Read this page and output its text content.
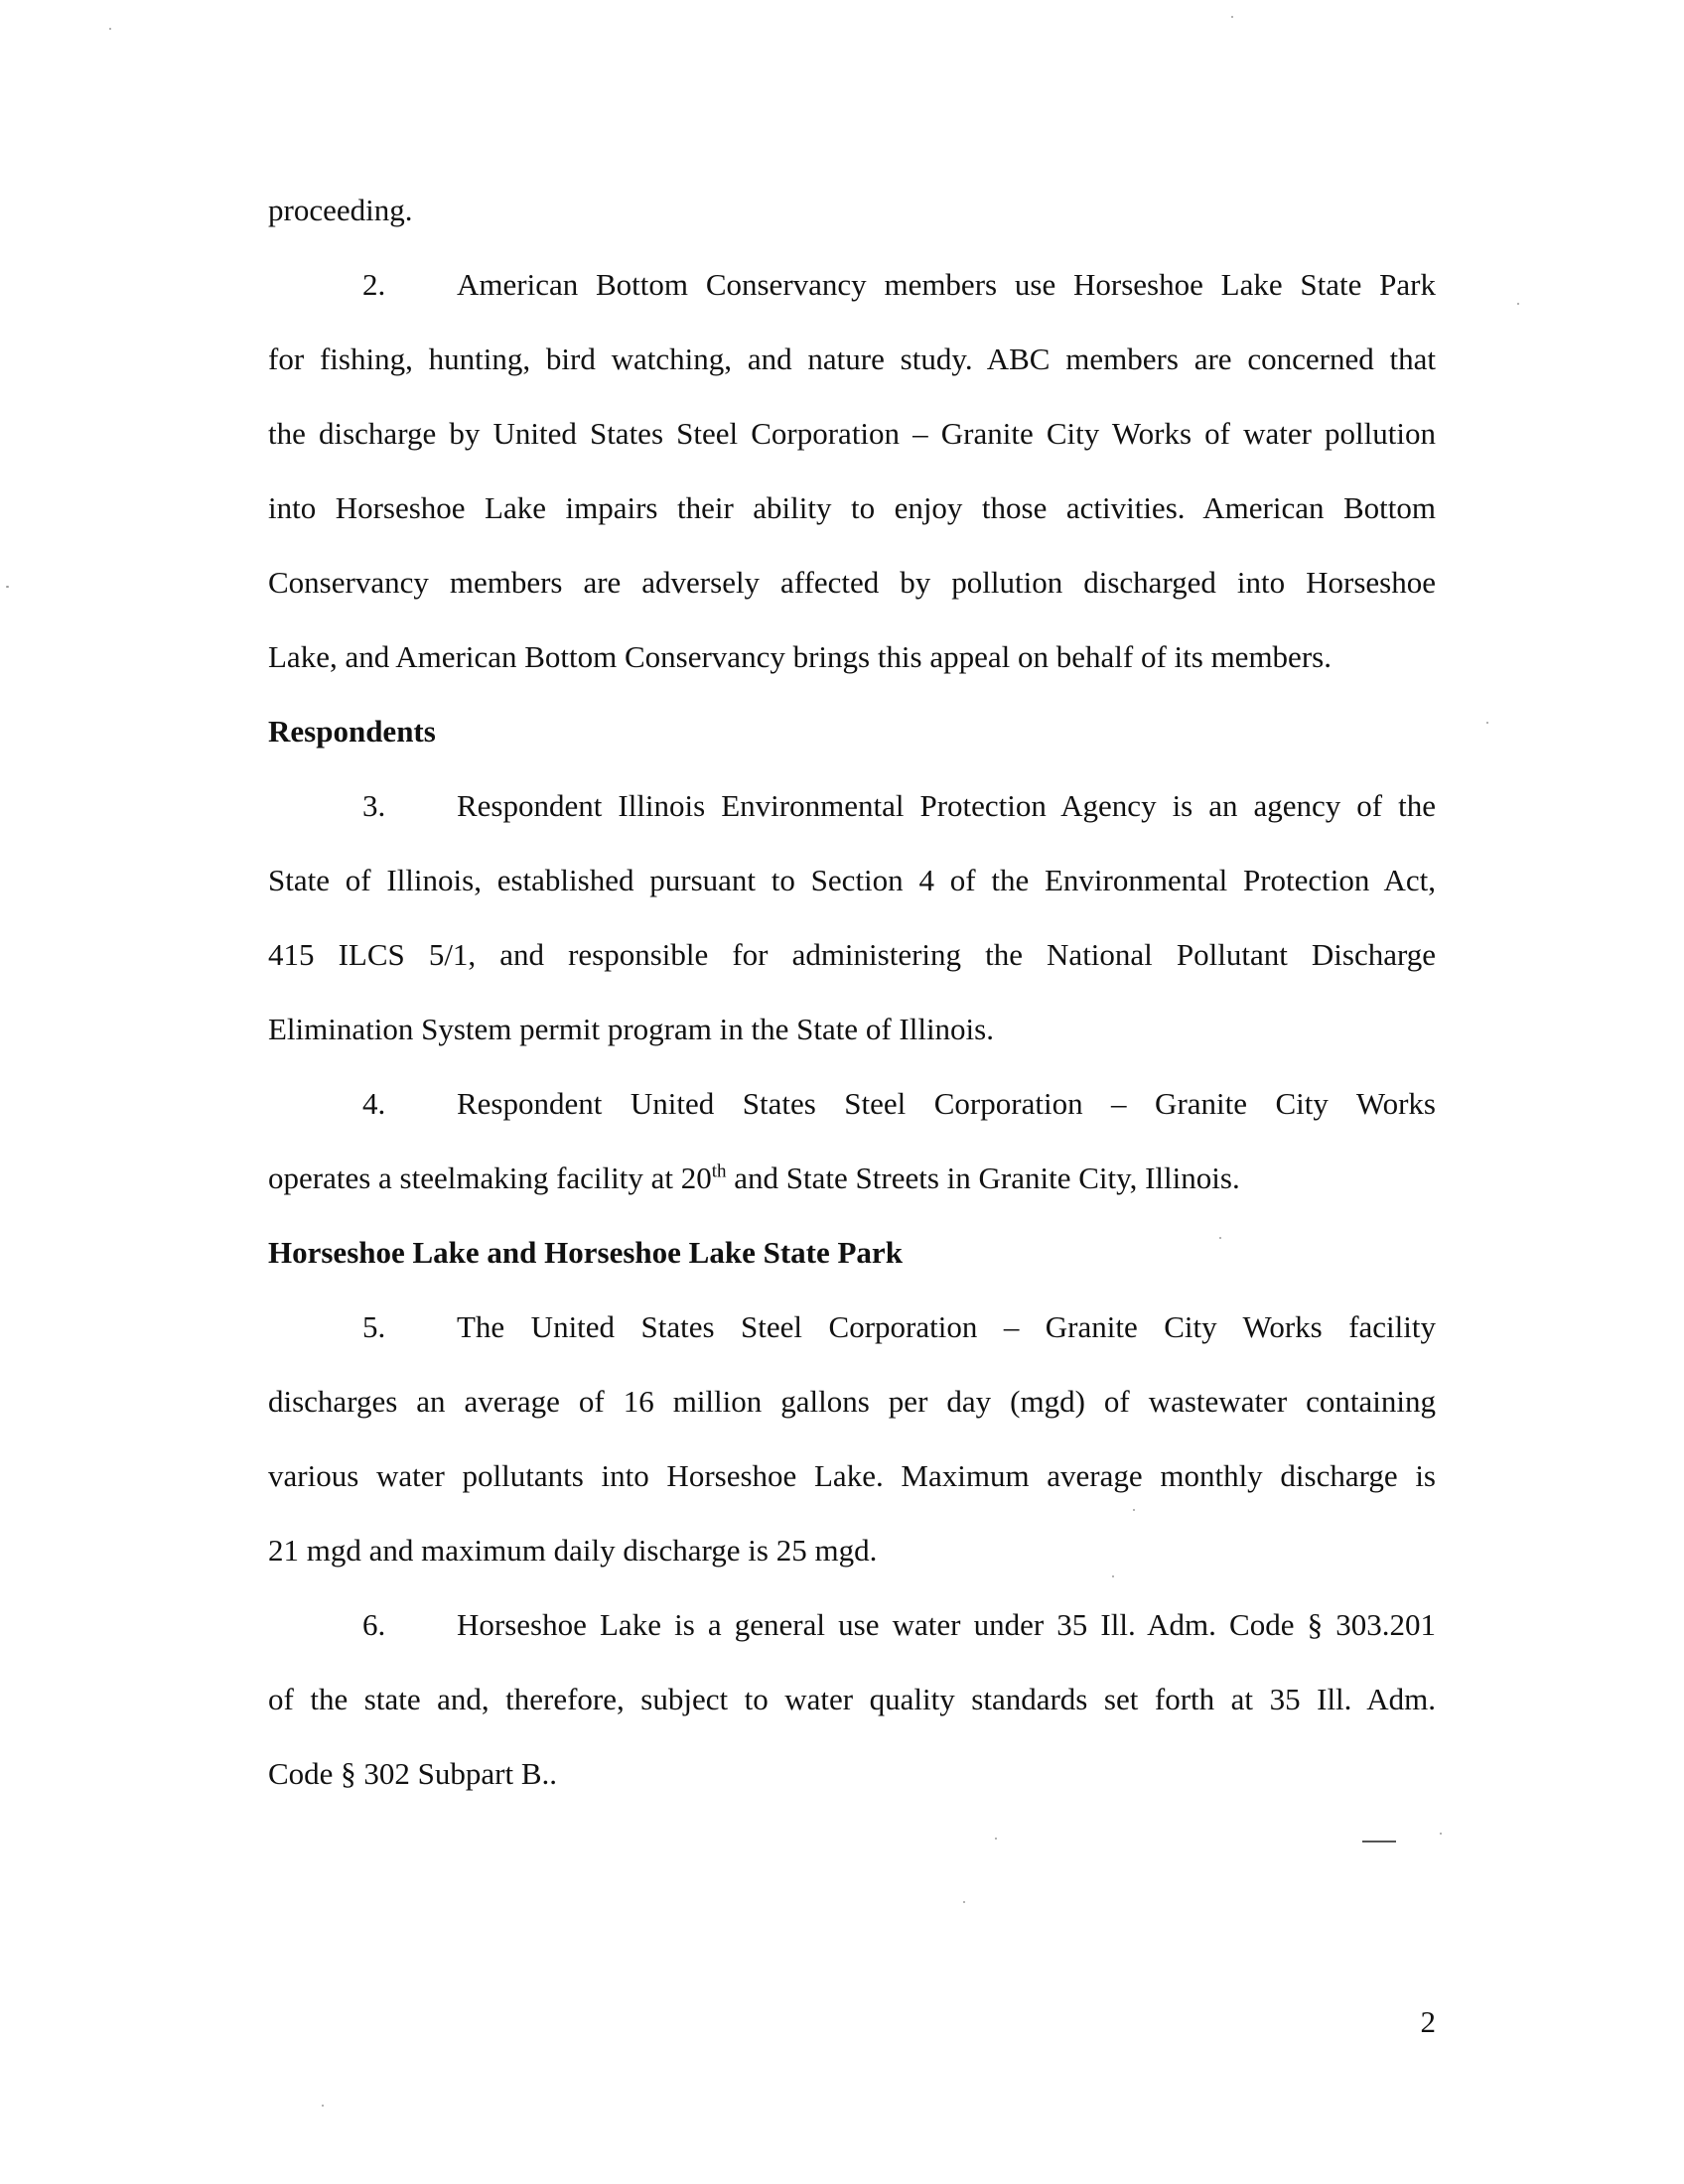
proceeding.
2. American Bottom Conservancy members use Horseshoe Lake State Park
for fishing, hunting, bird watching, and nature study. ABC members are concerned that
the discharge by United States Steel Corporation – Granite City Works of water pollution
into Horseshoe Lake impairs their ability to enjoy those activities. American Bottom
Conservancy members are adversely affected by pollution discharged into Horseshoe
Lake, and American Bottom Conservancy brings this appeal on behalf of its members.
Respondents
3. Respondent Illinois Environmental Protection Agency is an agency of the
State of Illinois, established pursuant to Section 4 of the Environmental Protection Act,
415 ILCS 5/1, and responsible for administering the National Pollutant Discharge
Elimination System permit program in the State of Illinois.
4. Respondent United States Steel Corporation – Granite City Works
operates a steelmaking facility at 20th and State Streets in Granite City, Illinois.
Horseshoe Lake and Horseshoe Lake State Park
5. The United States Steel Corporation – Granite City Works facility
discharges an average of 16 million gallons per day (mgd) of wastewater containing
various water pollutants into Horseshoe Lake. Maximum average monthly discharge is
21 mgd and maximum daily discharge is 25 mgd.
6. Horseshoe Lake is a general use water under 35 Ill. Adm. Code § 303.201
of the state and, therefore, subject to water quality standards set forth at 35 Ill. Adm.
Code § 302 Subpart B..
2
